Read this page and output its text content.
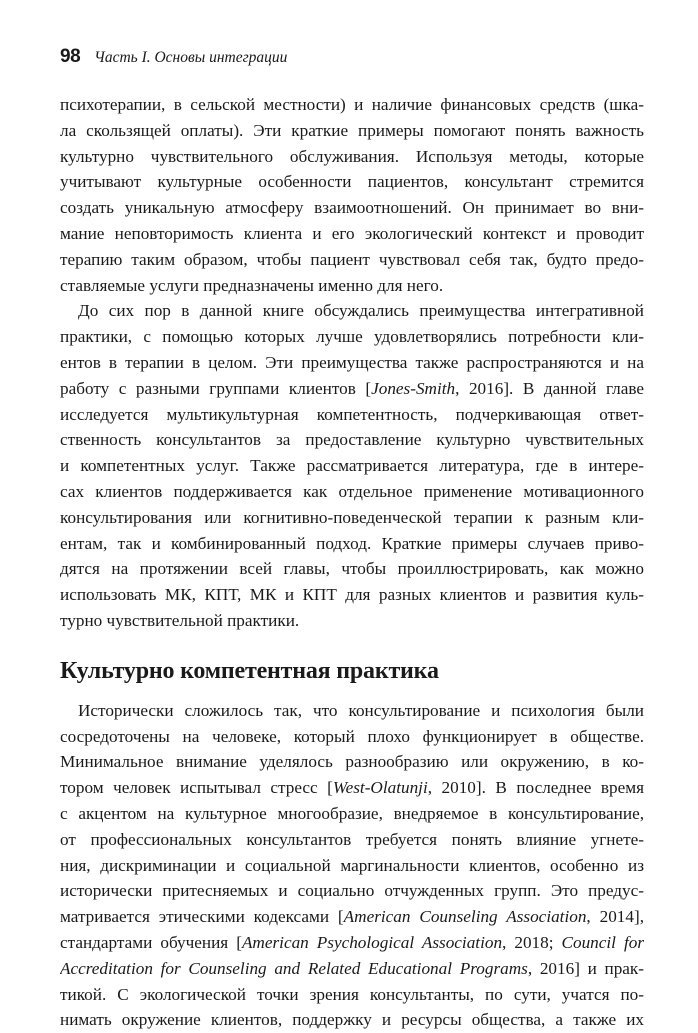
98 Часть I. Основы интеграции

психотерапии, в сельской местности) и наличие финансовых средств (шка-
ла скользящей оплаты). Эти краткие примеры помогают понять важность
культурно чувствительного обслуживания. Используя методы, которые
учитывают культурные особенности пациентов, консультант стремится
создать уникальную атмосферу взаимоотношений. Он принимает во вни-
мание неповторимость клиента и его экологический контекст и проводит
терапию таким образом, чтобы пациент чувствовал себя так, будто предо-
ставляемые услуги предназначены именно для него.

До сих пор в данной книге обсуждались преимущества интегративной
практики, с помощью которых лучше удовлетворялись потребности кли-
ентов в терапии в целом. Эти преимущества также распространяются и на
работу с разными группами клиентов [Jones-Smith, 2016]. В данной главе
исследуется мультикультурная компетентность, подчеркивающая ответ-
ственность консультантов за предоставление культурно чувствительных
и компетентных услуг. Также рассматривается литература, где в интере-
сах клиентов поддерживается как отдельное применение мотивационного
консультирования или когнитивно-поведенческой терапии к разным кли-
ентам, так и комбинированный подход. Краткие примеры случаев приво-
дятся на протяжении всей главы, чтобы проиллюстрировать, как можно
использовать МК, КПТ, МК и КПТ для разных клиентов и развития куль-
турно чувствительной практики.

Культурно компетентная практика

Исторически сложилось так, что консультирование и психология были
сосредоточены на человеке, который плохо функционирует в обществе.
Минимальное внимание уделялось разнообразию или окружению, в ко-
тором человек испытывал стресс [West-Olatunji, 2010]. В последнее время
с акцентом на культурное многообразие, внедряемое в консультирование,
от профессиональных консультантов требуется понять влияние угнете-
ния, дискриминации и социальной маргинальности клиентов, особенно из
исторически притесняемых и социально отчужденных групп. Это предус-
матривается этическими кодексами [American Counseling Association, 2014],
стандартами обучения [American Psychological Association, 2018; Council for
Accreditation for Counseling and Related Educational Programs, 2016] и прак-
тикой. С экологической точки зрения консультанты, по сути, учатся по-
нимать окружение клиентов, поддержку и ресурсы общества, а также их
